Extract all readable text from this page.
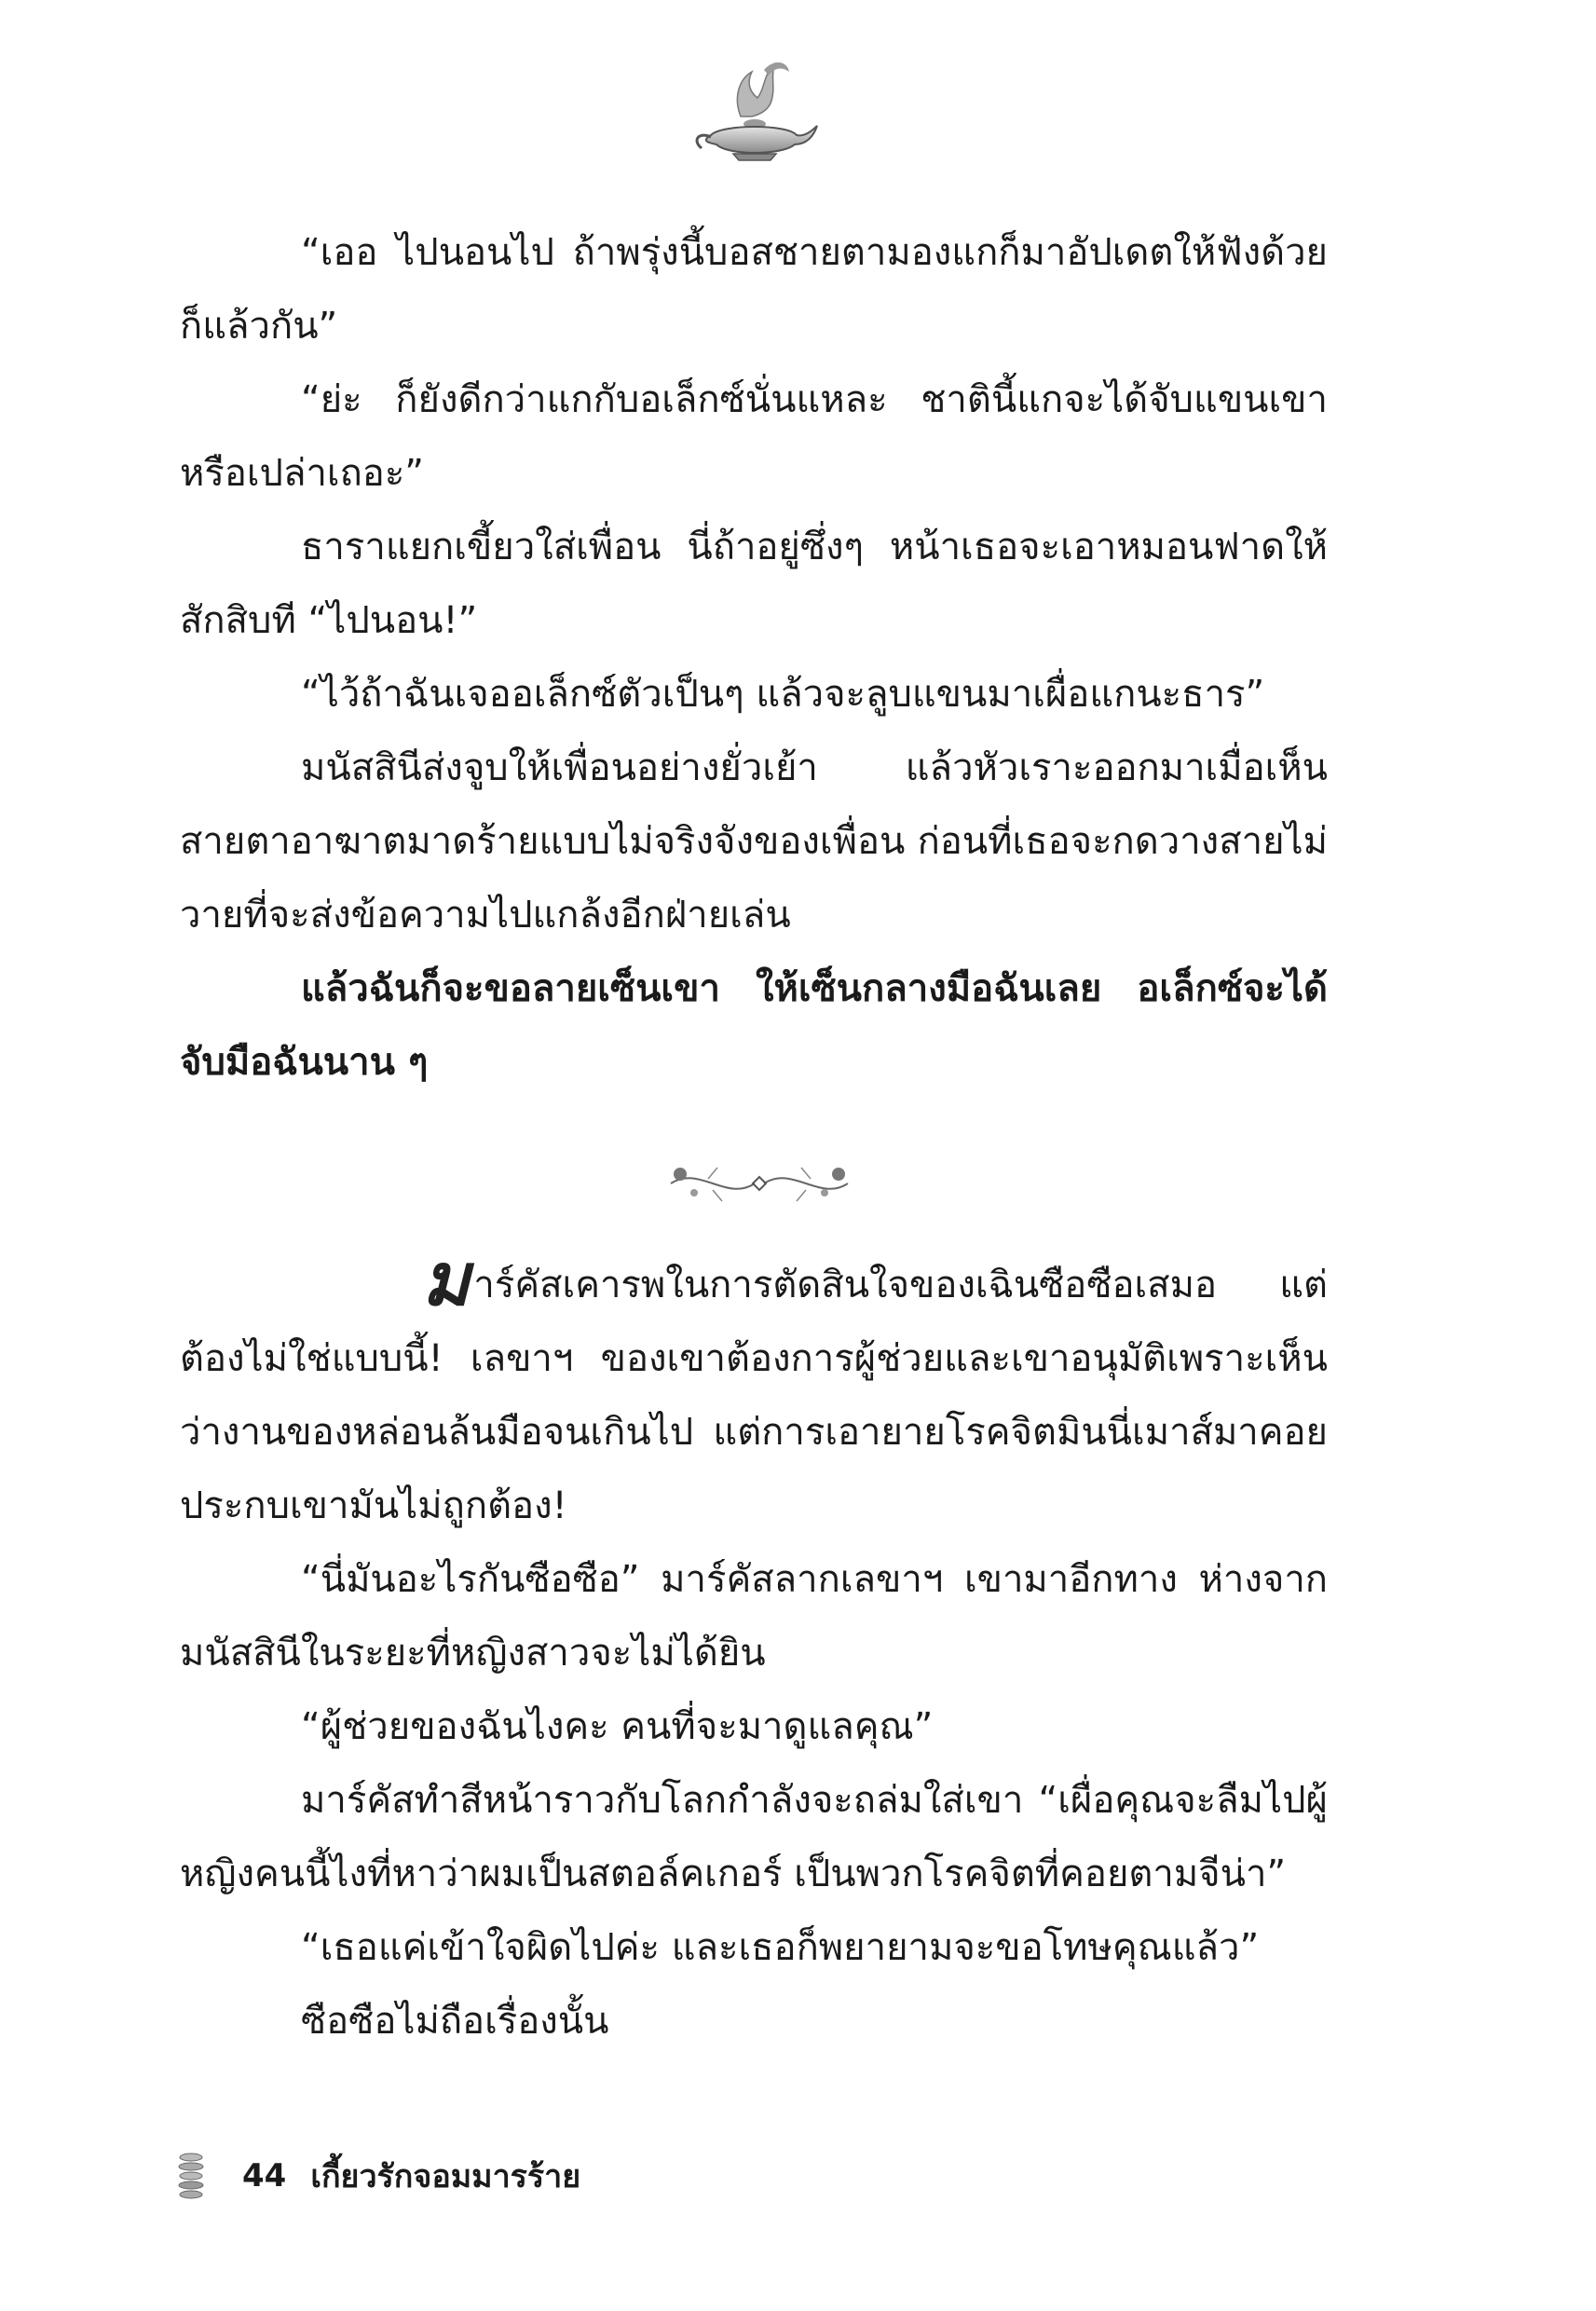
“เออ ไปนอนไป ถ้าพรุ่งนี้บอสชายตามองแกก็มาอัปเดตให้ฟังด้วยก็แล้วกัน”

“ย่ะ ก็ยังดีกว่าแกกับอเล็กซ์นั่นแหละ ชาตินี้แกจะได้จับแขนเขาหรือเปล่าเถอะ”

ธาราแยกเขี้ยวใส่เพื่อน นี่ถ้าอยู่ซึ่งๆ หน้าเธอจะเอาหมอนฟาดให้สักสิบที “ไปนอน!”

“ไว้ถ้าฉันเจออเล็กซ์ตัวเป็นๆ แล้วจะลูบแขนมาเผื่อแกนะธาร”

มนัสสินีส่งจูบให้เพื่อนอย่างยั่วเย้า แล้วหัวเราะออกมาเมื่อเห็นสายตาอาฆาตมาดร้ายแบบไม่จริงจังของเพื่อน ก่อนที่เธอจะกดวางสายไม่วายที่จะส่งข้อความไปแกล้งอีกฝ่ายเล่น

แล้วฉันก็จะขอลายเซ็นเขา ให้เซ็นกลางมือฉันเลย อเล็กซ์จะได้จับมือฉันนาน ๆ

มาร์คัสเคารพในการตัดสินใจของเฉินซือซือเสมอ แต่ต้องไม่ใช่แบบนี้! เลขาฯ ของเขาต้องการผู้ช่วยและเขาอนุมัติเพราะเห็นว่างานของหล่อนล้นมือจนเกินไป แต่การเอายายโรคจิตมินนี่เมาส์มาคอยประกบเขามันไม่ถูกต้อง!

“นี่มันอะไรกันซือซือ” มาร์คัสลากเลขาฯ เขามาอีกทาง ห่างจากมนัสสินีในระยะที่หญิงสาวจะไม่ได้ยิน

“ผู้ช่วยของฉันไงคะ คนที่จะมาดูแลคุณ”

มาร์คัสทำสีหน้าราวกับโลกกำลังจะถล่มใส่เขา “เผื่อคุณจะลืมไปผู้หญิงคนนี้ไงที่หาว่าผมเป็นสตอล์คเกอร์ เป็นพวกโรคจิตที่คอยตามจีน่า”

“เธอแค่เข้าใจผิดไปค่ะ และเธอก็พยายามจะขอโทษคุณแล้ว”

ซือซือไม่ถือเรื่องนั้น

44 เกี้ยวรักจอมมารร้าย
